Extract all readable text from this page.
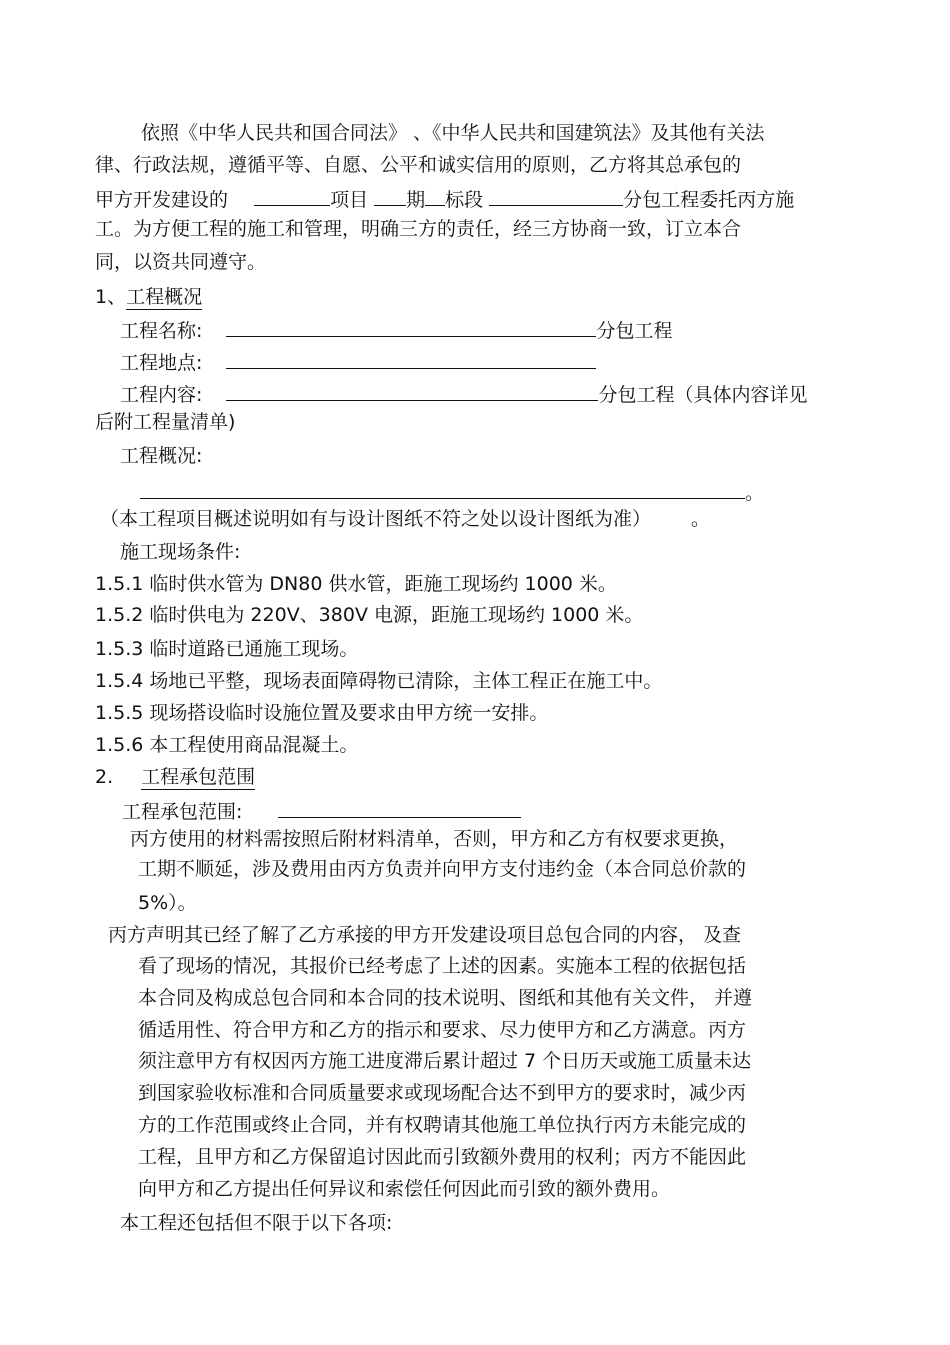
依照《中华人民共和国合同法》 、《中华人民共和国建筑法》及其他有关法
律、行政法规，遵循平等、自愿、公平和诚实信用的原则，乙方将其总承包的
甲方开发建设的	项目 期 标段	分包工程委托丙方施
工。为方便工程的施工和管理，明确三方的责任，经三方协商一致，订立本合
同，以资共同遵守。
1、工程概况
工程名称:	分包工程
工程地点:
工程内容:	分包工程（具体内容详见
后附工程量清单)
工程概况:
。
（本工程项目概述说明如有与设计图纸不符之处以设计图纸为准） 。
施工现场条件:
1.5.1 临时供水管为 DN80 供水管，距施工现场约 1000 米。
1.5.2 临时供电为 220V、380V 电源，距施工现场约 1000 米。
1.5.3 临时道路已通施工现场。
1.5.4 场地已平整，现场表面障碍物已清除，主体工程正在施工中。
1.5.5 现场搭设临时设施位置及要求由甲方统一安排。
1.5.6 本工程使用商品混凝土。
2. 工程承包范围
工程承包范围:
丙方使用的材料需按照后附材料清单，否则，甲方和乙方有权要求更换，
工期不顺延，涉及费用由丙方负责并向甲方支付违约金（本合同总价款的
5%）。
丙方声明其已经了解了乙方承接的甲方开发建设项目总包合同的内容， 及查
看了现场的情况，其报价已经考虑了上述的因素。实施本工程的依据包括
本合同及构成总包合同和本合同的技术说明、图纸和其他有关文件， 并遵
循适用性、符合甲方和乙方的指示和要求、尽力使甲方和乙方满意。丙方
须注意甲方有权因丙方施工进度滞后累计超过 7 个日历天或施工质量未达
到国家验收标准和合同质量要求或现场配合达不到甲方的要求时，减少丙
方的工作范围或终止合同，并有权聘请其他施工单位执行丙方未能完成的
工程，且甲方和乙方保留追讨因此而引致额外费用的权利；丙方不能因此
向甲方和乙方提出任何异议和索偿任何因此而引致的额外费用。
本工程还包括但不限于以下各项:
